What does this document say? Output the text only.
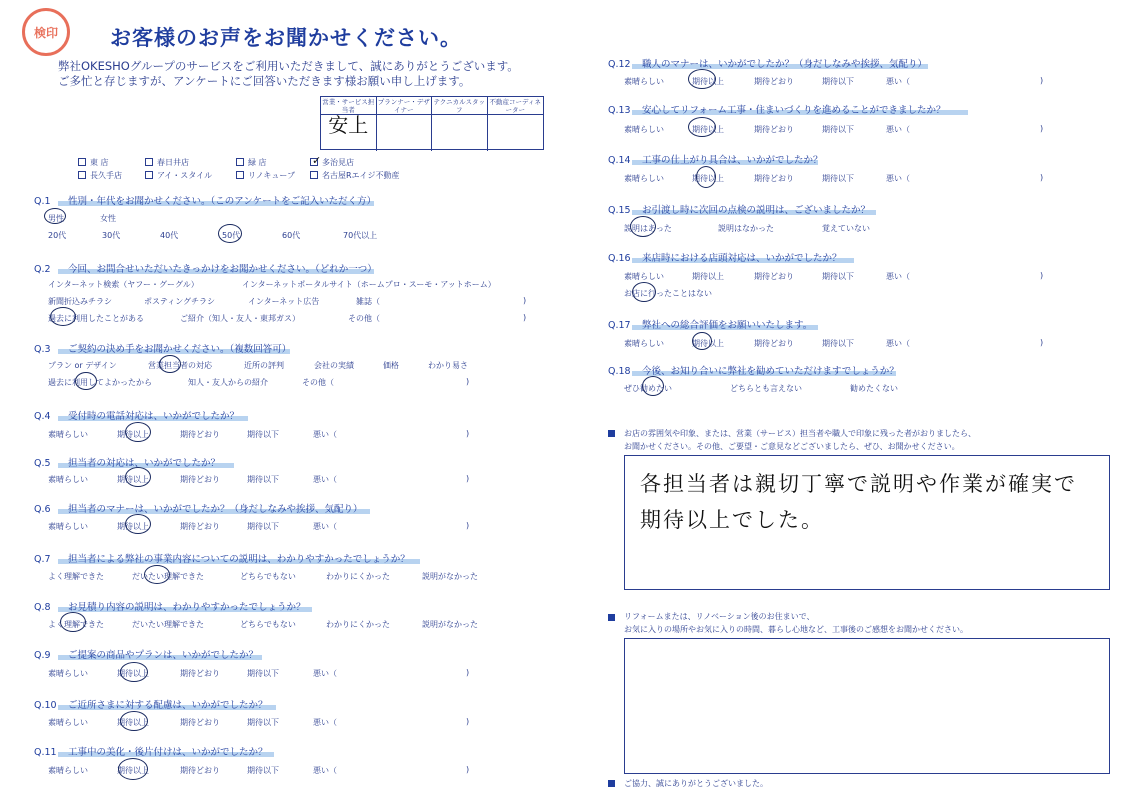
検印 お客様のお声をお聞かせください。
弊社OKESHOグループのサービスをご利用いただきまして、誠にありがとうございます。
ご多忙と存じますが、アンケートにご回答いただきます様お願い申し上げます。
営業・サービス担当者
プランナー・デザイナー
テクニカルスタッフ
不動産コーディネーター
安上
東 店	春日井店	緑 店	✓ 多治見店
長久手店	アイ・スタイル	リノキューブ	名古屋Rエイジ不動産
Q.1 性別・年代をお聞かせください。（このアンケートをご記入いただく方）
男性	女性
20代	30代	40代	50代	60代	70代以上
Q.2 今回、お問合せいただいたきっかけをお聞かせください。（どれか一つ）
インターネット検索（ヤフー・グーグル）	インターネットポータルサイト（ホームプロ・スーモ・アットホーム）
新聞折込みチラシ	ポスティングチラシ	インターネット広告	雑誌（	)
過去に利用したことがある	ご紹介（知人・友人・東邦ガス）	その他（	)
Q.3 ご契約の決め手をお聞かせください。（複数回答可）
プラン or デザイン	営業担当者の対応	近所の評判	会社の実績	価格	わかり易さ
過去に利用してよかったから	知人・友人からの紹介	その他（	)
Q.4 受付時の電話対応は、いかがでしたか？
素晴らしい	期待以上	期待どおり	期待以下	悪い（	)
Q.5 担当者の対応は、いかがでしたか？
素晴らしい	期待以上	期待どおり	期待以下	悪い（	)
Q.6 担当者のマナーは、いかがでしたか？（身だしなみや挨拶、気配り）
素晴らしい	期待以上	期待どおり	期待以下	悪い（	)
Q.7 担当者による弊社の事業内容についての説明は、わかりやすかったでしょうか？
よく理解できた	だいたい理解できた	どちらでもない	わかりにくかった	説明がなかった
Q.8 お見積り内容の説明は、わかりやすかったでしょうか？
よく理解できた	だいたい理解できた	どちらでもない	わかりにくかった	説明がなかった
Q.9 ご提案の商品やプランは、いかがでしたか？
素晴らしい	期待以上	期待どおり	期待以下	悪い（	)
Q.10 ご近所さまに対する配慮は、いかがでしたか？
素晴らしい	期待以上	期待どおり	期待以下	悪い（	)
Q.11 工事中の美化・後片付けは、いかがでしたか？
素晴らしい	期待以上	期待どおり	期待以下	悪い（	)
Q.12 職人のマナーは、いかがでしたか？（身だしなみや挨拶、気配り）
素晴らしい	期待以上	期待どおり	期待以下	悪い（	)
Q.13 安心してリフォーム工事・住まいづくりを進めることができましたか？
素晴らしい	期待以上	期待どおり	期待以下	悪い（	)
Q.14 工事の仕上がり具合は、いかがでしたか？
素晴らしい	期待以上	期待どおり	期待以下	悪い（	)
Q.15 お引渡し時に次回の点検の説明は、ございましたか？
説明はあった	説明はなかった	覚えていない
Q.16 来店時における店頭対応は、いかがでしたか？
素晴らしい	期待以上	期待どおり	期待以下	悪い（	)
お店に行ったことはない
Q.17 弊社への総合評価をお願いいたします。
素晴らしい	期待以上	期待どおり	期待以下	悪い（	)
Q.18 今後、お知り合いに弊社を勧めていただけますでしょうか？
ぜひ勧めたい	どちらとも言えない	勧めたくない
お店の雰囲気や印象、または、営業（サービス）担当者や職人で印象に残った者がおりましたら、
お聞かせください。その他、ご要望・ご意見などございましたら、ぜひ、お聞かせください。
各担当者は親切丁寧で説明や作業が確実で
期待以上でした。
リフォームまたは、リノベーション後のお住まいで、
お気に入りの場所やお気に入りの時間、暮らし心地など、工事後のご感想をお聞かせください。
ご協力、誠にありがとうございました。
